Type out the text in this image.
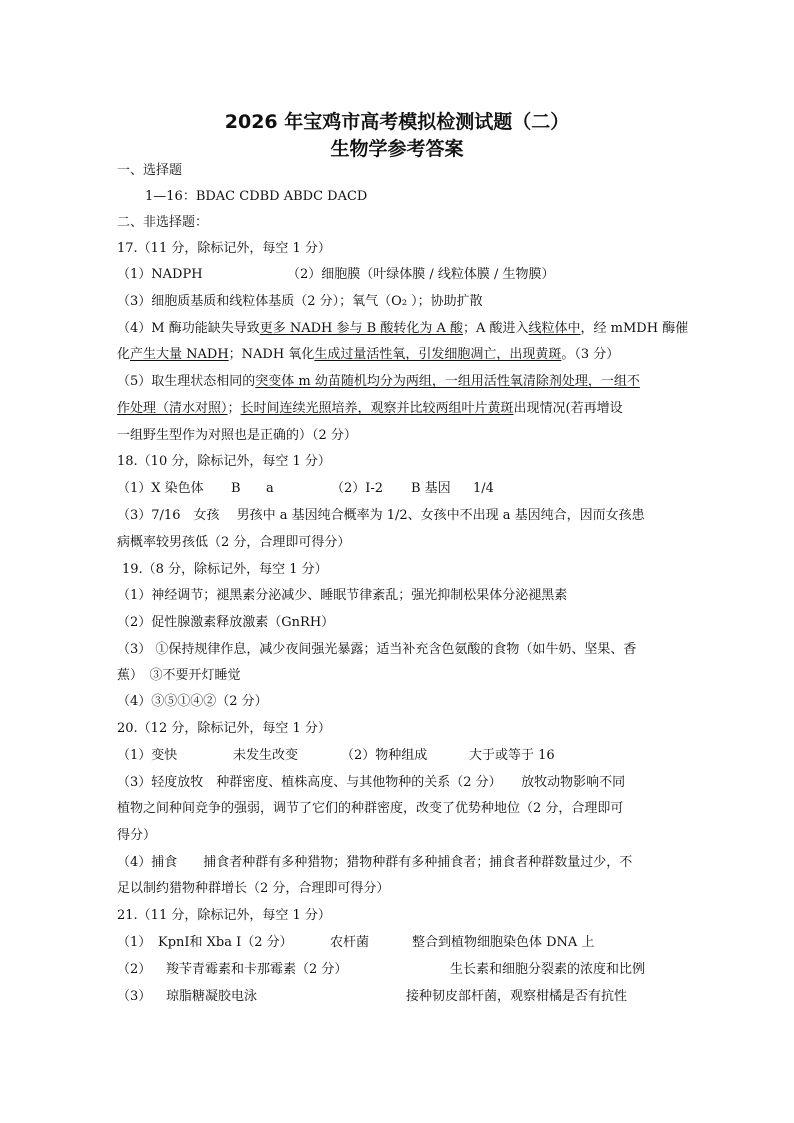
2026 年宝鸡市高考模拟检测试题（二）
生物学参考答案
一、选择题
1—16：BDAC CDBD ABDC DACD
二、非选择题：
17.（11 分，除标记外，每空 1 分）
（1）NADPH	（2）细胞膜（叶绿体膜 / 线粒体膜 / 生物膜）
（3）细胞质基质和线粒体基质（2 分）；氧气（O₂ ）；协助扩散
（4）M 酶功能缺失导致更多 NADH 参与 B 酸转化为 A 酸；A 酸进入线粒体中，经 mMDH 酶催
化产生大量 NADH；NADH 氧化生成过量活性氧，引发细胞凋亡，出现黄斑。（3 分）
（5）取生理状态相同的突变体 m 幼苗随机均分为两组，一组用活性氧清除剂处理，一组不
作处理（清水对照）；长时间连续光照培养，观察并比较两组叶片黄斑出现情况(若再增设
一组野生型作为对照也是正确的）（2 分）
18.（10 分，除标记外，每空 1 分）
（1）X 染色体 B a	（2）Ⅰ-2 B 基因 1/4
（3）7/16　女孩　 男孩中 a 基因纯合概率为 1/2、女孩中不出现 a 基因纯合，因而女孩患
病概率较男孩低（2 分，合理即可得分）
19.（8 分，除标记外，每空 1 分）
（1）神经调节；褪黑素分泌减少、睡眠节律紊乱；强光抑制松果体分泌褪黑素
（2）促性腺激素释放激素（GnRH）
（3） ①保持规律作息，减少夜间强光暴露；适当补充含色氨酸的食物（如牛奶、坚果、香
蕉）　③不要开灯睡觉
（4）③⑤①④②（2 分）
20.（12 分，除标记外，每空 1 分）
（1）变快	未发生改变	（2）物种组成	大于或等于 16
（3）轻度放牧　种群密度、植株高度、与其他物种的关系（2 分）　　放牧动物影响不同
植物之间种间竞争的强弱，调节了它们的种群密度，改变了优势种地位（2 分，合理即可
得分）
（4）捕食　　捕食者种群有多种猎物；猎物种群有多种捕食者；捕食者种群数量过少，不
足以制约猎物种群增长（2 分，合理即可得分）
21.（11 分，除标记外，每空 1 分）
（1） KpnⅠ和 Xba Ⅰ（2 分）	农杆菌	整合到植物细胞染色体 DNA 上
（2） 羧苄青霉素和卡那霉素（2 分）	生长素和细胞分裂素的浓度和比例
（3） 琼脂糖凝胶电泳	接种韧皮部杆菌，观察柑橘是否有抗性
